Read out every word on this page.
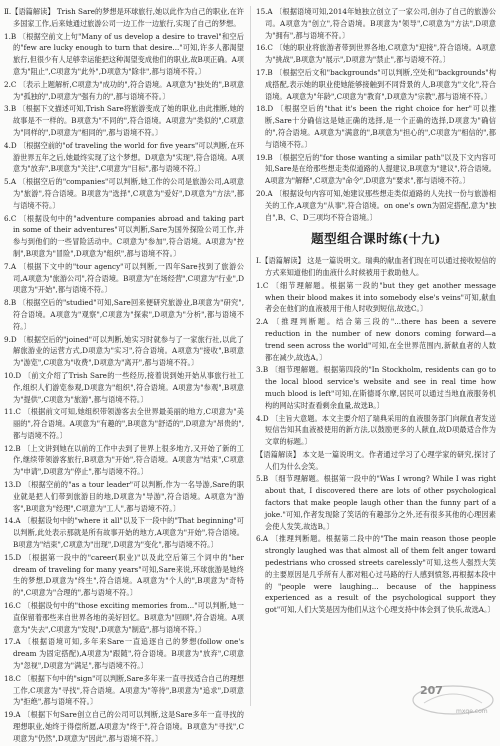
Ⅱ.【语篇解读】 Trish Sare的梦想是环球旅行,她以此作为自己的职业,在许多国家工作,后来她通过旅游公司一边工作一边旅行,实现了自己的梦想。

1.B 〔根据空前文上句"Many of us develop a desire to travel"和空后的"few are lucky enough to turn that desire..."可知,许多人都渴望旅行,但很少有人足够幸运能把这种渴望变成他们的职业,故B项正确。A项意为"阻止",C项意为"此外",D项意为"除非",都与语境不符。〕

2.C 〔表示上题解析,C项意为"成功的",符合语境。A项意为"独处的",B项意为"孤独的",D项意为"强有力的",都与语境不符。〕

3.B 〔根据下文描述可知,Trish Sare将旅游变成了她的职业,由此推断,她的故事是不一样的。B项意为"不同的",符合语境。A项意为"类似的",C项意为"同样的",D项意为"相同的",都与语境不符。〕

4.D 〔根据空前的"of traveling the world for five years"可以判断,在环游世界五年之后,她最终实现了这个梦想。D项意为"实现",符合语境。A项意为"放弃",B项意为"关注",C项意为"目标",都与语境不符。〕

5.A 〔根据空后的"companies"可以判断,她工作的公司是旅游公司,A项意为"旅游",符合语境。B项意为"选择",C项意为"爱好",D项意为"方法",都与语境不符。〕

6.C 〔根据设句中的"adventure companies abroad and taking part in some of their adventures"可以判断,Sare为国外探险公司工作,并参与到他们的一些冒险活动中。C项意为"参加",符合语境。A项意为"控制",B项意为"冒险",D项意为"组织",都与语境不符。〕

7.A 〔根据下文中的"tour agency"可以判断,一四年Sare找到了旅游公司,A项意为"旅游公司",符合语境。B项意为"在场经营",C项意为"行业",D项意为"开始",都与语境不符。〕

8.B 〔根据空后的"studied"可知,Sare回来便研究旅游业,B项意为"研究",符合语境。A项意为"观察",C项意为"探索",D项意为"分析",都与语境不符。〕

9.D 〔根据空后的"joined"可以判断,她实习时就参与了一家旅行社,以此了解旅游业的运营方式,D项意为"实习",符合语境。A项意为"接收",B项意为"游览",C项意为"收费",D项意为"离开",都与语境不符。〕

10.D 〔前文介绍了Trish Sare的一些经历,接着说到她开始从事旅行社工作,组织人们游览参观,D项意为"组织",符合语境。A项意为"参观",B项意为"提供",C项意为"旅游",都与语境不符。〕

11.C 〔根据前文可知,她组织带领游客去全世界最美丽的地方,C项意为"美丽的",符合语境。A项意为"有趣的",B项意为"舒适的",D项意为"昂贵的",都与语境不符。〕

12.B 〔上文讲到她在以前的工作中去到了世界上很多地方,又开始了新的工作,继续带领游客旅行,B项意为"开始",符合语境。A项意为"结束",C项意为"申请",D项意为"停止",都与语境不符。〕

13.D 〔根据空前的"as a tour leader"可以判断,作为一名导游,Sare的职业就是把人们带到旅游目的地,D项意为"导游",符合语境。A项意为"游客",B项意为"经理",C项意为"工人",都与语境不符。〕

14.A 〔根据设句中的"where it all"以及下一段中的"That beginning"可以判断,此处表示那就是所有故事开始的地方,A项意为"开始",符合语境。B项意为"结束",C项意为"出现",D项意为"变化",都与语境不符。〕

15.D 〔根据第一段中的"career(职业)"以及此空后第三个词中的"her dream of traveling for many years"可知,Sare来说,环球旅游是她终生的梦想,D项意为"终生",符合语境。A项意为"个人的",B项意为"奇特的",C项意为"合理的",都与语境不符。〕

16.C 〔根据设句中的"those exciting memories from..."可以判断,她一直保留着那些来自世界各地的美好回忆。B项意为"回顾",符合语境。A项意为"失去",C项意为"发现",D项意为"制造",都与语境不符。〕

17.A 〔根据语境可知,多年来Sare一直追逐自己的梦想(follow one's dream 为固定搭配),A项意为"跟随",符合语境。B项意为"放弃",C项意为"忽视",D项意为"满足",都与语境不符。〕

18.C 〔根据下句中的"sign"可以判断,Sare多年来一直寻找适合自己的理想工作,C项意为"寻找",符合语境。A项意为"等待",B项意为"追求",D项意为"拒绝",都与语境不符。〕

19.A 〔根据下句Sare创立自己的公司可以判断,这是Sare多年一直寻找的理想职业,她终于得偿所愿,A项意为"终于",符合语境。B项意为"寻找",C项意为"仍然",D项意为"因此",都与语境不符。〕

15.A 〔根据语境可知,2014年她独立创立了一家公司,创办了自己的旅游公司。A项意为"创立",符合语境。B项意为"领导",C项意为"方法",D项意为"拥有",都与语境不符。〕

16.C 〔她的职业将旅游者带到世界各地,C项意为"迎接",符合语境。A项意为"挑战",B项意为"展示",D项意为"禁止",都与语境不符。〕

17.B 〔根据空后文和"backgrounds"可以判断,空处和"backgrounds"构成搭配,表示她的职业使她能够接触到不同背景的人,B项意为"文化",符合语境。A项意为"年龄",C项意为"教育",D项意为"宗教",都与语境不符。〕

18.D 〔根据空后的"that it's been the right choice for her"可以推断,Sare十分确信这是她正确的选择,是一个正确的选择,D项意为"确信的",符合语境。A项意为"满意的",B项意为"担心的",C项意为"相信的",都与语境不符。〕

19.B 〔根据空后的"for those wanting a similar path"以及下文内容可知,Sare是在给那些想走类似道路的人提建议,B项意为"建议",符合语境。A项意为"解释",C项意为"命令",D项意为"要求",都与语境不符。〕

20.A 〔根据设句内容可知,她建议那些想走类似道路的人先找一份与旅游相关的工作,A项意为"从事",符合语境。on one's own为固定搭配,意为"独自",B、C、D三项均不符合语境。〕

题型组合课时练(十九)

Ⅰ.【语篇解读】 这是一篇说明文。瑞典的献血者们现在可以通过接收短信的方式来知道他们的血液什么时候被用于救助他人。

1.C 〔细节理解题。根据第一段的"but they get another message when their blood makes it into somebody else's veins"可知,献血者会在他们的血液被用于他人时收到短信,故选C。〕

2.A 〔推理判断题。结合第三段的"...there has been a severe reduction in the number of new donors coming forward—a trend seen across the world"可知,在全世界范围内,新献血者的人数都在减少,故选A。〕

3.B 〔细节理解题。根据第四段的"In Stockholm, residents can go to the local blood service's website and see in real time how much blood is left"可知,在斯德哥尔摩,居民可以通过当地血液服务机构的网站实时查看剩余血量,故选B。〕

4.D 〔主旨大意题。本文主要介绍了瑞典采用的血液服务部门向献血者发送短信告知其血液被使用的新方法,以鼓励更多的人献血,故D项最适合作为文章的标题。〕

【语篇解读】 本文是一篇说明文。作者通过学习了心理学家的研究,探讨了人们为什么会笑。

5.B 〔细节理解题。根据第一段中的"Was I wrong? While I was right about that, I discovered there are lots of other psychological factors that make people laugh other than the funny part of a joke."可知,作者发现除了笑话的有趣部分之外,还有很多其他的心理因素会使人发笑,故选B。〕

6.A 〔推理判断题。根据第二段中的"The main reason those people strongly laughed was that almost all of them felt anger toward pedestrians who crossed streets carelessly"可知,这些人强烈大笑的主要原因是几乎所有人都对粗心过马路的行人感到愤怒,再根据本段中的"people were laughing... because of the happiness experienced as a result of the psychological support they got"可知,人们大笑是因为他们从这个心理支持中体会到了快乐,故选A。〕

207
mxqe.com
